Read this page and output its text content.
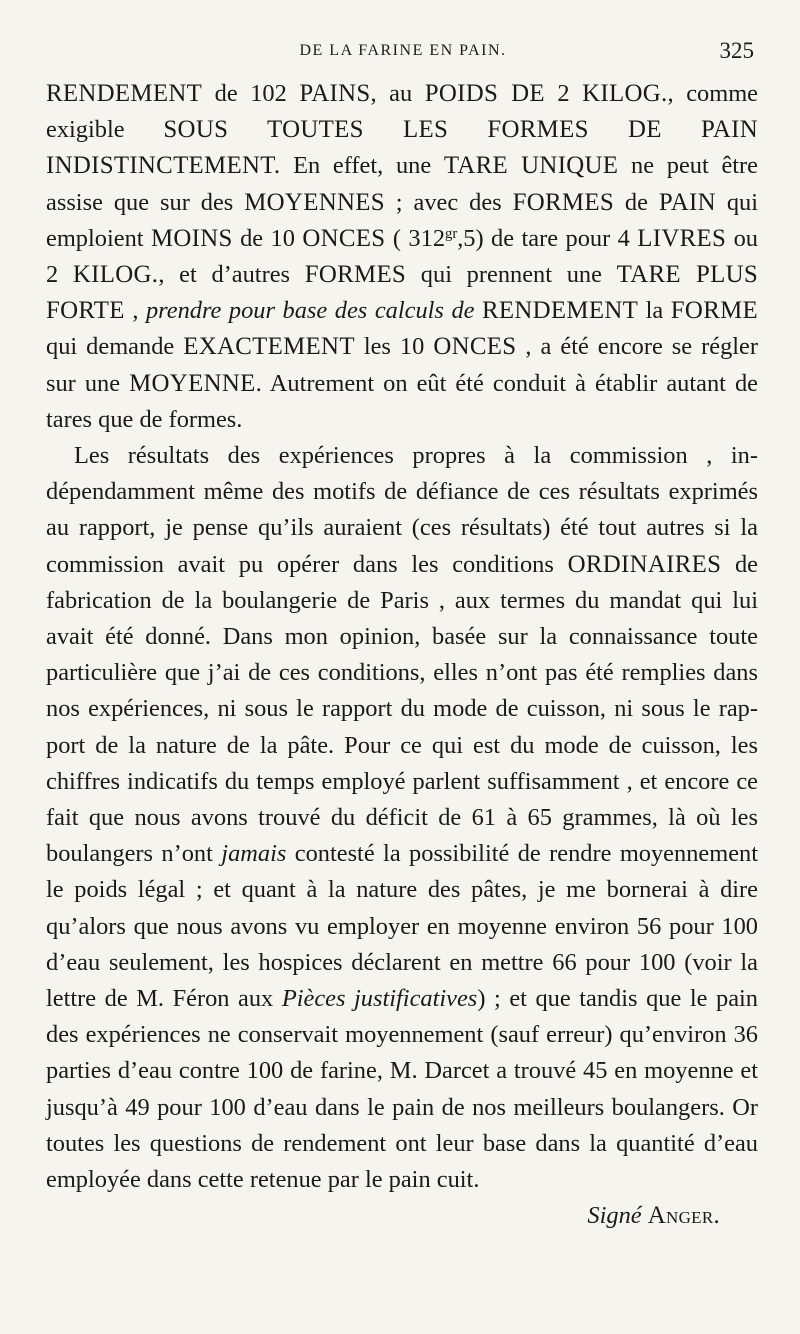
DE LA FARINE EN PAIN.	325

RENDEMENT de 102 PAINS, au POIDS DE 2 KILOG., comme exigible SOUS TOUTES LES FORMES DE PAIN INDISTINCTEMENT. En effet, une TARE UNIQUE ne peut être assise que sur des MOYENNES ; avec des FORMES de PAIN qui emploient MOINS de 10 ONCES ( $312^{gr},5$) de tare pour 4 LIVRES ou 2 KILOG., et d’autres FORMES qui prennent une TARE PLUS FORTE , prendre pour base des calculs de RENDEMENT la FORME qui demande EXACTEMENT les 10 ONCES , a été encore se régler sur une MOYENNE. Autrement on eût été conduit à établir autant de tares que de formes.

Les résultats des expériences propres à la commission , indépendamment même des motifs de défiance de ces résultats exprimés au rapport, je pense qu’ils auraient (ces résultats) été tout autres si la commission avait pu opérer dans les conditions ORDINAIRES de fabrication de la boulangerie de Paris , aux termes du mandat qui lui avait été donné. Dans mon opinion, basée sur la connaissance toute particulière que j’ai de ces conditions, elles n’ont pas été remplies dans nos expériences, ni sous le rapport du mode de cuisson, ni sous le rapport de la nature de la pâte. Pour ce qui est du mode de cuisson, les chiffres indicatifs du temps employé parlent suffisamment , et encore ce fait que nous avons trouvé du déficit de 61 à 65 grammes, là où les boulangers n’ont jamais contesté la possibilité de rendre moyennement le poids légal ; et quant à la nature des pâtes, je me bornerai à dire qu’alors que nous avons vu employer en moyenne environ 56 pour 100 d’eau seulement, les hospices déclarent en mettre 66 pour 100 (voir la lettre de M. Féron aux Pièces justificatives) ; et que tandis que le pain des expériences ne conservait moyennement (sauf erreur) qu’environ 36 parties d’eau contre 100 de farine, M. Darcet a trouvé 45 en moyenne et jusqu’à 49 pour 100 d’eau dans le pain de nos meilleurs boulangers. Or toutes les questions de rendement ont leur base dans la quantité d’eau employée dans cette retenue par le pain cuit.

Signé Anger.
